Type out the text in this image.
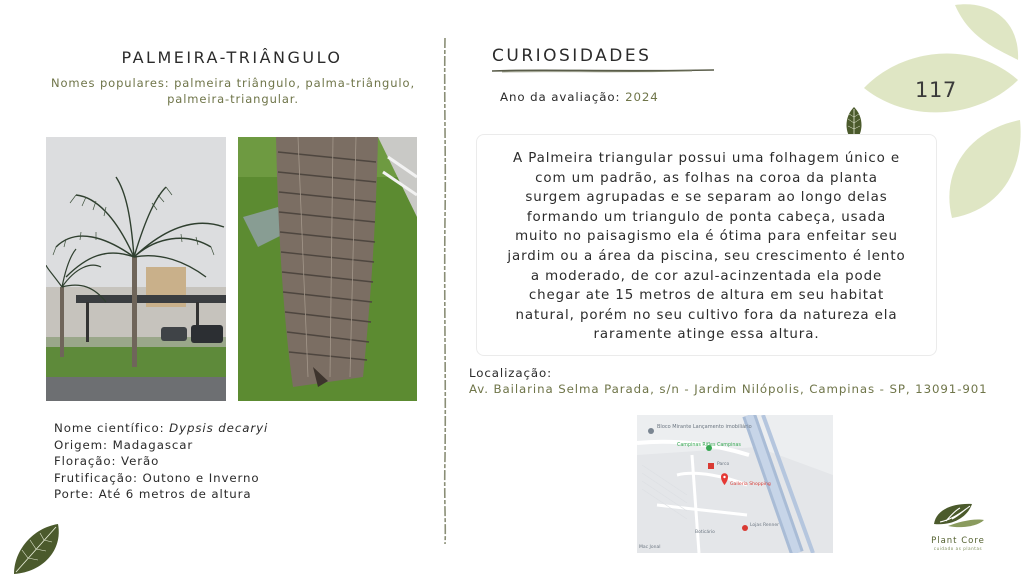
PALMEIRA-TRIÂNGULO
Nomes populares: palmeira triângulo, palma-triângulo,
palmeira-triangular.
Nome científico: Dypsis decaryi
Origem: Madagascar
Floração: Verão
Frutificação: Outono e Inverno
Porte: Até 6 metros de altura
CURIOSIDADES
Ano da avaliação: 2024

A Palmeira triangular possui uma folhagem único e
com um padrão, as folhas na coroa da planta
surgem agrupadas e se separam ao longo delas
formando um triangulo de ponta cabeça, usada
muito no paisagismo ela é ótima para enfeitar seu
jardim ou a área da piscina, seu crescimento é lento
a moderado, de cor azul-acinzentada ela pode
chegar ate 15 metros de altura em seu habitat
natural, porém no seu cultivo fora da natureza ela
raramente atinge essa altura.

Localização:
Av. Bailarina Selma Parada, s/n - Jardim Nilópolis, Campinas - SP, 13091-901
Bloco Mirante Lançamento imobiliário
Campinas Rifles Campinas
Parco
Galleria Shopping
Lojas Renner
Boticário
Mac Jonal
117
Plant Core
cuidado as plantas
